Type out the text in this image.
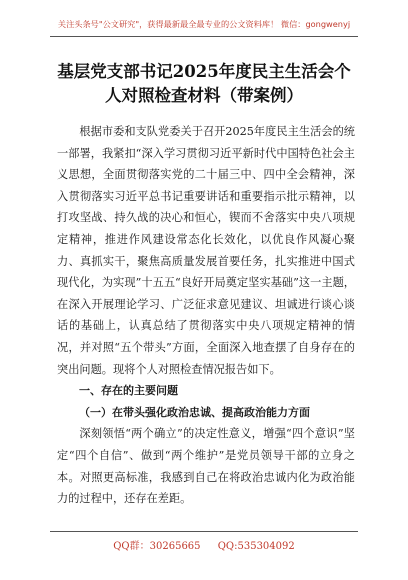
关注头条号"公文研究"，获得最新最全最专业的公文资料库！ 微信：gongwenyj
基层党支部书记2025年度民主生活会个
人对照检查材料（带案例）

根据市委和支队党委关于召开2025年度民主生活会的统一部署，我紧扣“深入学习贯彻习近平新时代中国特色社会主义思想，全面贯彻落实党的二十届三中、四中全会精神，深入贯彻落实习近平总书记重要讲话和重要指示批示精神，以打攻坚战、持久战的决心和恒心，锲而不舍落实中央八项规定精神，推进作风建设常态化长效化，以优良作风凝心聚力、真抓实干，聚焦高质量发展首要任务，扎实推进中国式现代化，为实现”十五五“良好开局奠定坚实基础”这一主题，在深入开展理论学习、广泛征求意见建议、坦诚进行谈心谈话的基础上，认真总结了贯彻落实中央八项规定精神的情况，并对照“五个带头”方面，全面深入地查摆了自身存在的突出问题。现将个人对照检查情况报告如下。

一、存在的主要问题

（一）在带头强化政治忠诚、提高政治能力方面

深刻领悟“两个确立”的决定性意义，增强“四个意识”坚定“四个自信”、做到“两个维护”是党员领导干部的立身之本。对照更高标准，我感到自己在将政治忠诚内化为政治能力的过程中，还存在差距。

QQ群：30265665 QQ:535304092
